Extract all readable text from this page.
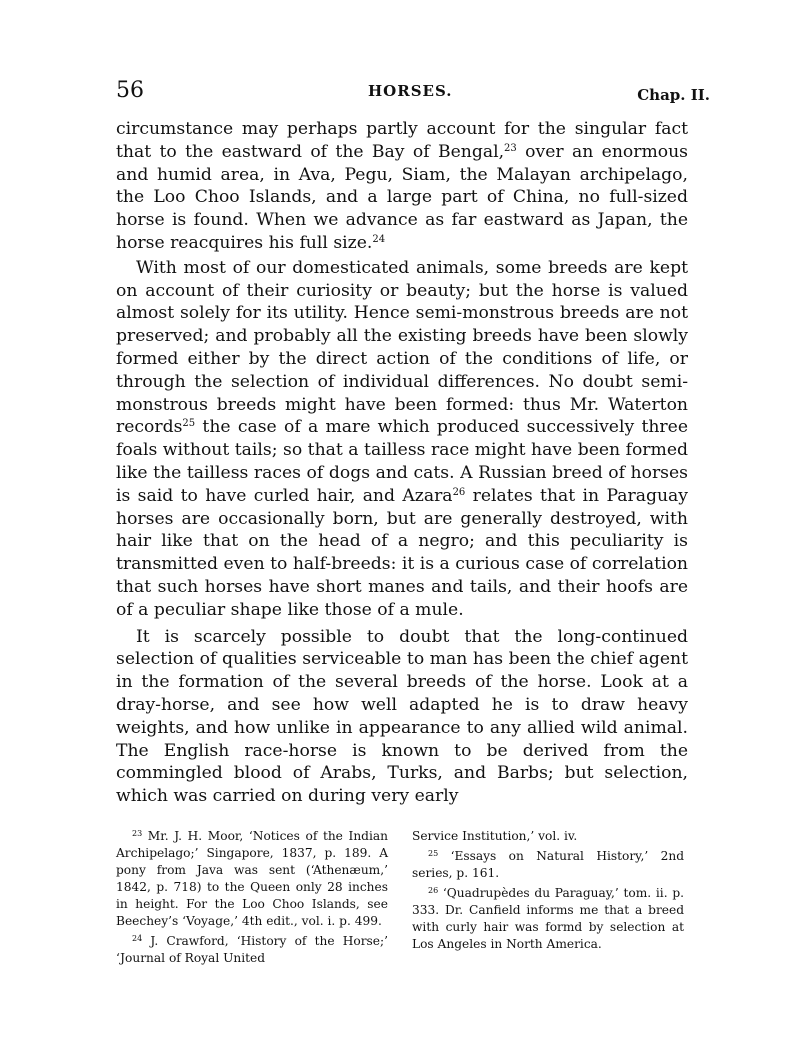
56	HORSES.	Chap. II.

circumstance may perhaps partly account for the singular fact that to the eastward of the Bay of Bengal,$^{23}$ over an enormous and humid area, in Ava, Pegu, Siam, the Malayan archipelago, the Loo Choo Islands, and a large part of China, no full-sized horse is found. When we advance as far eastward as Japan, the horse reacquires his full size.$^{24}$

With most of our domesticated animals, some breeds are kept on account of their curiosity or beauty; but the horse is valued almost solely for its utility. Hence semi-monstrous breeds are not preserved; and probably all the existing breeds have been slowly formed either by the direct action of the conditions of life, or through the selection of individual differences. No doubt semi-monstrous breeds might have been formed: thus Mr. Waterton records$^{25}$ the case of a mare which produced successively three foals without tails; so that a tailless race might have been formed like the tailless races of dogs and cats. A Russian breed of horses is said to have curled hair, and Azara$^{26}$ relates that in Paraguay horses are occasionally born, but are generally destroyed, with hair like that on the head of a negro; and this peculiarity is transmitted even to half-breeds: it is a curious case of correlation that such horses have short manes and tails, and their hoofs are of a peculiar shape like those of a mule.

It is scarcely possible to doubt that the long-continued selection of qualities serviceable to man has been the chief agent in the formation of the several breeds of the horse. Look at a dray-horse, and see how well adapted he is to draw heavy weights, and how unlike in appearance to any allied wild animal. The English race-horse is known to be derived from the commingled blood of Arabs, Turks, and Barbs; but selection, which was carried on during very early

$^{23}$ Mr. J. H. Moor, ‘Notices of the Indian Archipelago;’ Singapore, 1837, p. 189. A pony from Java was sent (‘Athenæum,’ 1842, p. 718) to the Queen only 28 inches in height. For the Loo Choo Islands, see Beechey’s ‘Voyage,’ 4th edit., vol. i. p. 499.

$^{24}$ J. Crawford, ‘History of the Horse;’ ‘Journal of Royal United

Service Institution,’ vol. iv.

$^{25}$ ‘Essays on Natural History,’ 2nd series, p. 161.

$^{26}$ ‘Quadrupèdes du Paraguay,’ tom. ii. p. 333. Dr. Canfield informs me that a breed with curly hair was formd by selection at Los Angeles in North America.
